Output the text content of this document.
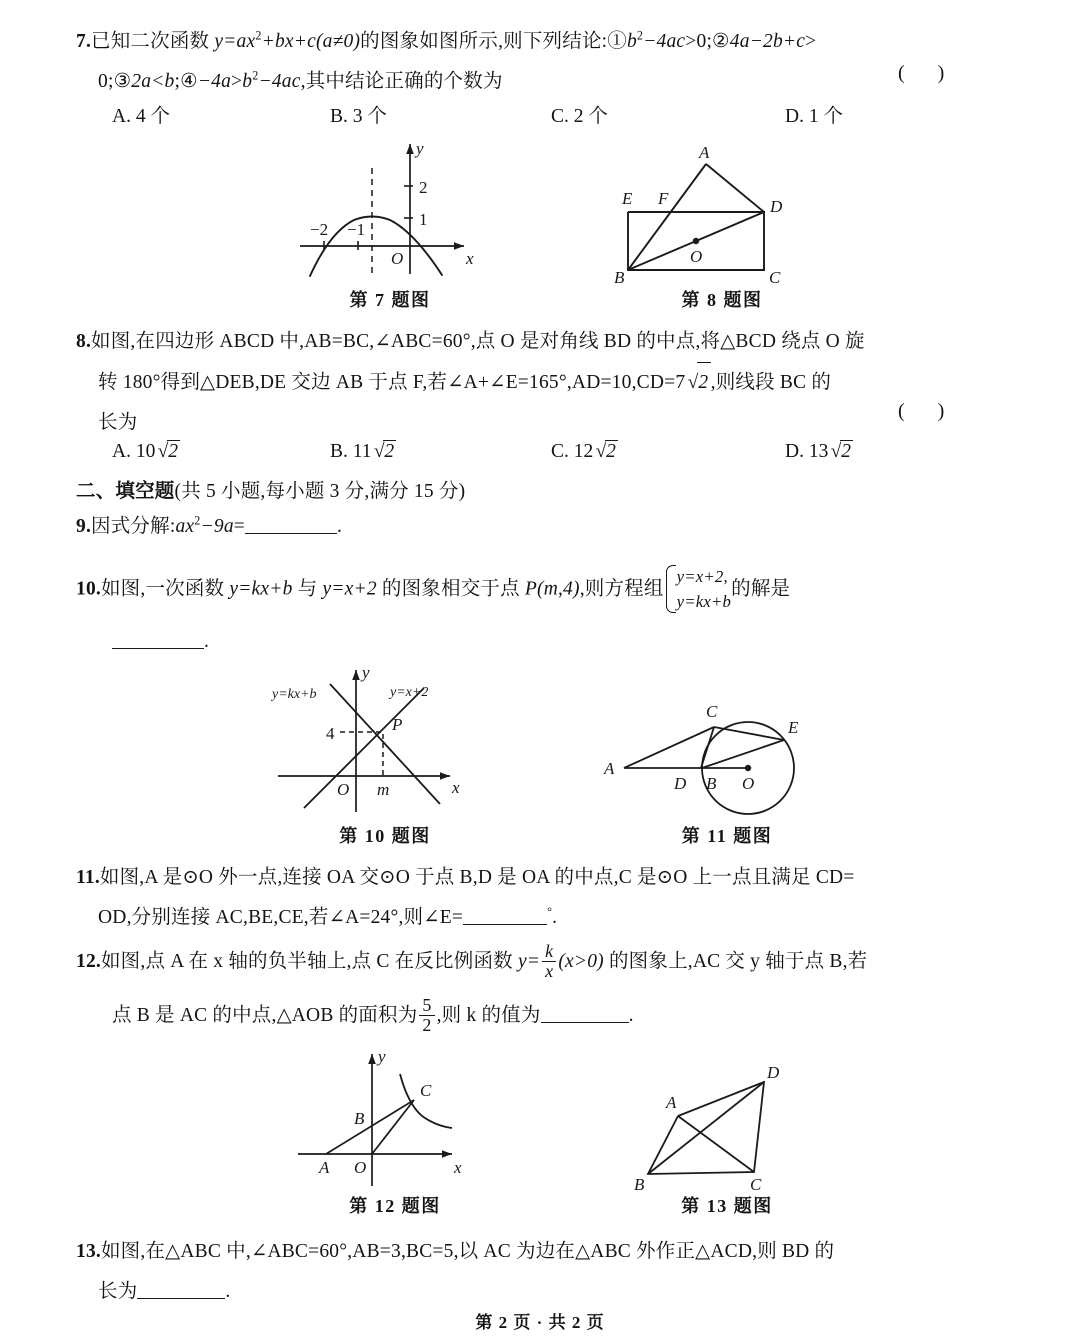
7.已知二次函数 $y=ax^2+bx+c(a\ne 0)$的图象如图所示,则下列结论$:①b^2-4ac>0;②4a-2b+c>$
$0;③2a<b;④-4a>b^2-4ac$,其中结论正确的个数为	( )
A. 4 个	B. 3 个	C. 2 个	D. 1 个
2
1
−2 −1
O	x
y
第 7 题图
A
E F	D
B
O
C
第 8 题图
8.如图,在四边形 ABCD 中,AB=BC,∠ABC=60°,点 O 是对角线 BD 的中点,将△BCD 绕点 O 旋
转 180°得到△DEB,DE 交边 AB 于点 F,若∠A+∠E=165°,AD=10,CD=7 √2 ,则线段 BC 的
长为
( )
A. 10 √2	B. 11 √2	C. 12 √2	D. 13 √2
二、填空题(共 5 小题,每小题 3 分,满分 15 分)
9.因式分解$:ax^2-9a=$	.
10.如图,一次函数 y=kx+b 与 y=x+2 的图象相交于点 P(m,4),则方程组y=x+2,
y=kx+b的解是
.
4
m
P
O	x
y
y=kx+b	y=x+2
第 10 题图
C
E
A
D B O
第 11 题图
11.如图,A 是⊙O 外一点,连接 OA 交⊙O 于点 B,D 是 OA 的中点,C 是⊙O 上一点且满足 CD=
OD,分别连接 AC,BE,CE,若∠A=24°,则∠E=	°.
12.如图,点 A 在 x 轴的负半轴上,点 C 在反比例函数 $y= \frac{k}{x} (x>0)$ 的图象上,AC 交 y 轴于点 B,若
点 B 是 AC 的中点,△AOB 的面积为 $\frac{5}{2}$ ,则 k 的值为	.
C
B
A O	x
y
第 12 题图
D
A
B	C
第 13 题图
13.如图,在△ABC 中,∠ABC=60°,AB=3,BC=5,以 AC 为边在△ABC 外作正△ACD,则 BD 的
长为	.
第 2 页 · 共 2 页
